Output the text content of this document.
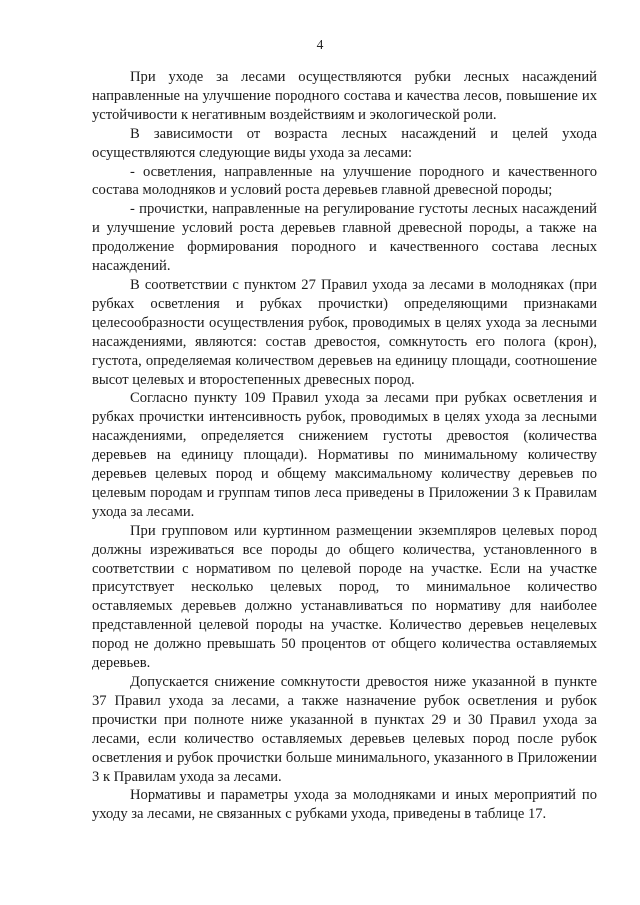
4

При уходе за лесами осуществляются рубки лесных насаждений направленные на улучшение породного состава и качества лесов, повышение их устойчивости к негативным воздействиям и экологической роли.

В зависимости от возраста лесных насаждений и целей ухода осуществляются следующие виды ухода за лесами:

- осветления, направленные на улучшение породного и качественного состава молодняков и условий роста деревьев главной древесной породы;

- прочистки, направленные на регулирование густоты лесных насаждений и улучшение условий роста деревьев главной древесной породы, а также на продолжение формирования породного и качественного состава лесных насаждений.

В соответствии с пунктом 27 Правил ухода за лесами в молодняках (при рубках осветления и рубках прочистки) определяющими признаками целесообразности осуществления рубок, проводимых в целях ухода за лесными насаждениями, являются: состав древостоя, сомкнутость его полога (крон), густота, определяемая количеством деревьев на единицу площади, соотношение высот целевых и второстепенных древесных пород.

Согласно пункту 109 Правил ухода за лесами при рубках осветления и рубках прочистки интенсивность рубок, проводимых в целях ухода за лесными насаждениями, определяется снижением густоты древостоя (количества деревьев на единицу площади). Нормативы по минимальному количеству деревьев целевых пород и общему максимальному количеству деревьев по целевым породам и группам типов леса приведены в Приложении 3 к Правилам ухода за лесами.

При групповом или куртинном размещении экземпляров целевых пород должны изреживаться все породы до общего количества, установленного в соответствии с нормативом по целевой породе на участке. Если на участке присутствует несколько целевых пород, то минимальное количество оставляемых деревьев должно устанавливаться по нормативу для наиболее представленной целевой породы на участке. Количество деревьев нецелевых пород не должно превышать 50 процентов от общего количества оставляемых деревьев.

Допускается снижение сомкнутости древостоя ниже указанной в пункте 37 Правил ухода за лесами, а также назначение рубок осветления и рубок прочистки при полноте ниже указанной в пунктах 29 и 30 Правил ухода за лесами, если количество оставляемых деревьев целевых пород после рубок осветления и рубок прочистки больше минимального, указанного в Приложении 3 к Правилам ухода за лесами.

Нормативы и параметры ухода за молодняками и иных мероприятий по уходу за лесами, не связанных с рубками ухода, приведены в таблице 17.
